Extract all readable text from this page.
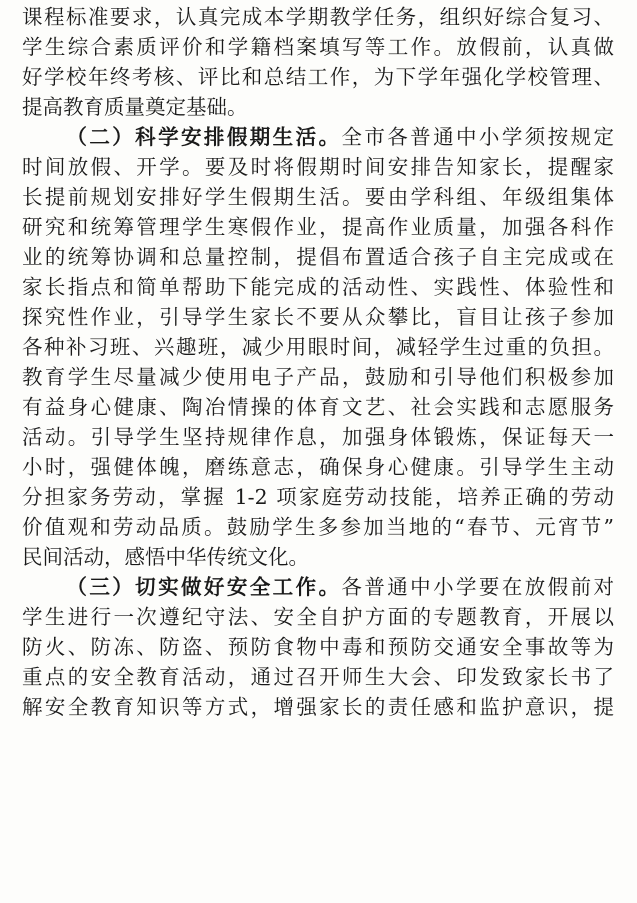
课程标准要求，认真完成本学期教学任务，组织好综合复习、
学生综合素质评价和学籍档案填写等工作。放假前，认真做
好学校年终考核、评比和总结工作，为下学年强化学校管理、
提高教育质量奠定基础。
（二）科学安排假期生活。全市各普通中小学须按规定
时间放假、开学。要及时将假期时间安排告知家长，提醒家
长提前规划安排好学生假期生活。要由学科组、年级组集体
研究和统筹管理学生寒假作业，提高作业质量，加强各科作
业的统筹协调和总量控制，提倡布置适合孩子自主完成或在
家长指点和简单帮助下能完成的活动性、实践性、体验性和
探究性作业，引导学生家长不要从众攀比，盲目让孩子参加
各种补习班、兴趣班，减少用眼时间，减轻学生过重的负担。
教育学生尽量减少使用电子产品，鼓励和引导他们积极参加
有益身心健康、陶冶情操的体育文艺、社会实践和志愿服务
活动。引导学生坚持规律作息，加强身体锻炼，保证每天一
小时，强健体魄，磨练意志，确保身心健康。引导学生主动
分担家务劳动，掌握 1-2 项家庭劳动技能，培养正确的劳动
价值观和劳动品质。鼓励学生多参加当地的“春节、元宵节”
民间活动，感悟中华传统文化。
（三）切实做好安全工作。各普通中小学要在放假前对
学生进行一次遵纪守法、安全自护方面的专题教育，开展以
防火、防冻、防盗、预防食物中毒和预防交通安全事故等为
重点的安全教育活动，通过召开师生大会、印发致家长书了
解安全教育知识等方式，增强家长的责任感和监护意识，提
